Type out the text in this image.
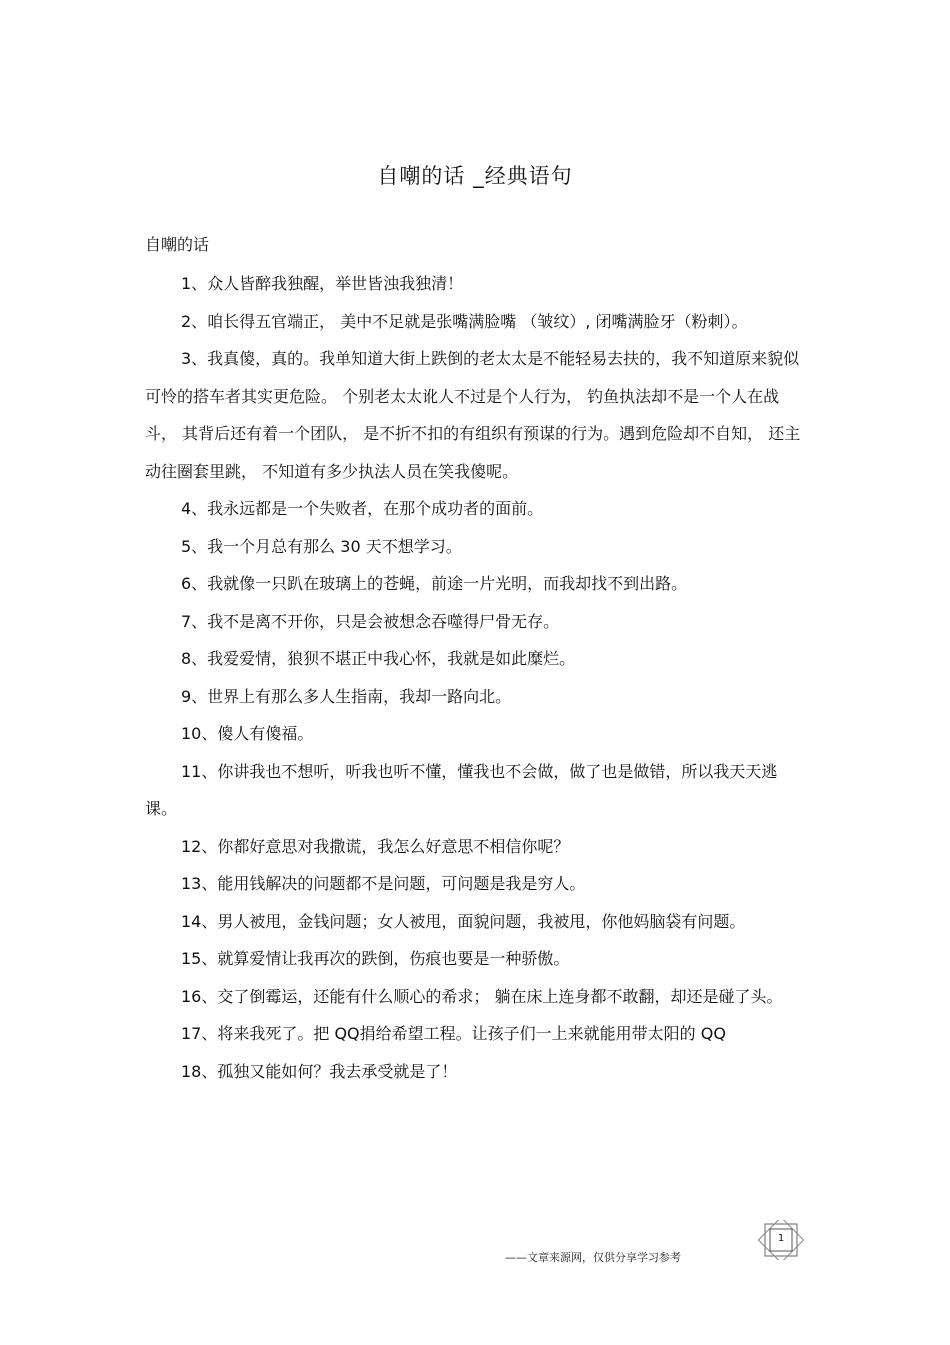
自嘲的话 _经典语句
自嘲的话

1、众人皆醉我独醒，举世皆浊我独清！

2、咱长得五官端正， 美中不足就是张嘴满脸嘴 （皱纹）, 闭嘴满脸牙（粉刺）。

3、我真傻，真的。我单知道大街上跌倒的老太太是不能轻易去扶的，我不知道原来貌似可怜的搭车者其实更危险。 个别老太太讹人不过是个人行为， 钓鱼执法却不是一个人在战斗， 其背后还有着一个团队， 是不折不扣的有组织有预谋的行为。遇到危险却不自知， 还主动往圈套里跳， 不知道有多少执法人员在笑我傻呢。

4、我永远都是一个失败者，在那个成功者的面前。

5、我一个月总有那么 30 天不想学习。

6、我就像一只趴在玻璃上的苍蝇，前途一片光明，而我却找不到出路。

7、我不是离不开你，只是会被想念吞噬得尸骨无存。

8、我爱爱情，狼狈不堪正中我心怀，我就是如此糜烂。

9、世界上有那么多人生指南，我却一路向北。

10、傻人有傻福。

11、你讲我也不想听，听我也听不懂，懂我也不会做，做了也是做错，所以我天天逃课。

12、你都好意思对我撒谎，我怎么好意思不相信你呢？

13、能用钱解决的问题都不是问题，可问题是我是穷人。

14、男人被甩，金钱问题；女人被甩，面貌问题，我被甩，你他妈脑袋有问题。

15、就算爱情让我再次的跌倒，伤痕也要是一种骄傲。

16、交了倒霉运，还能有什么顺心的希求； 躺在床上连身都不敢翻，却还是碰了头。

17、将来我死了。把 QQ捐给希望工程。让孩子们一上来就能用带太阳的 QQ

18、孤独又能如何？我去承受就是了！

——文章来源网，仅供分享学习参考
1
